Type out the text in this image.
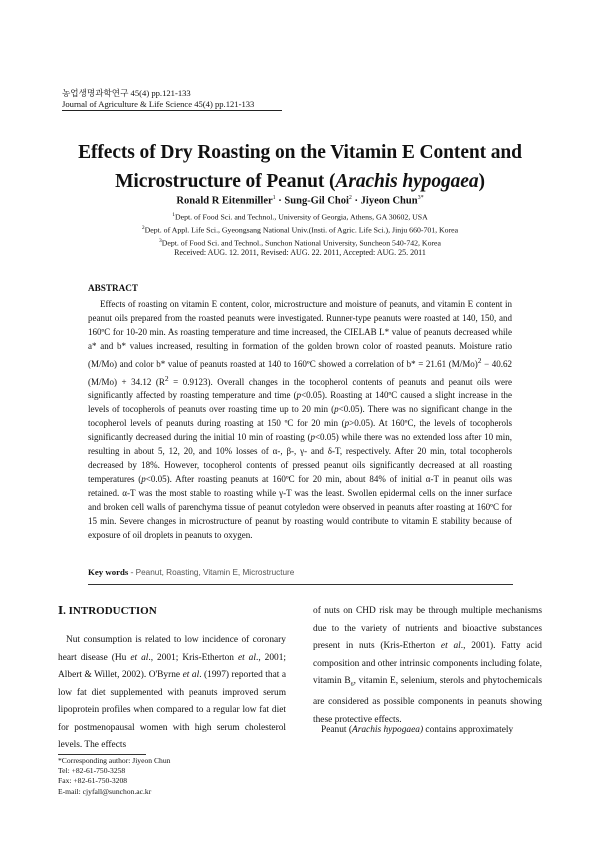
농업생명과학연구 45(4) pp.121-133
Journal of Agriculture & Life Science 45(4) pp.121-133
Effects of Dry Roasting on the Vitamin E Content and
Microstructure of Peanut (Arachis hypogaea)
Ronald R Eitenmiller$^1$ · Sung-Gil Choi$^2$ · Jiyeon Chun$^{3*}$
$^1$Dept. of Food Sci. and Technol., University of Georgia, Athens, GA 30602, USA
$^2$Dept. of Appl. Life Sci., Gyeongsang National Univ.(Insti. of Agric. Life Sci.), Jinju 660-701, Korea
$^3$Dept. of Food Sci. and Technol., Sunchon National University, Suncheon 540-742, Korea
Received: AUG. 12. 2011, Revised: AUG. 22. 2011, Accepted: AUG. 25. 2011
ABSTRACT

Effects of roasting on vitamin E content, color, microstructure and moisture of peanuts, and vitamin E content in peanut oils prepared from the roasted peanuts were investigated. Runner-type peanuts were roasted at 140, 150, and 160ºC for 10-20 min. As roasting temperature and time increased, the CIELAB L* value of peanuts decreased while a* and b* values increased, resulting in formation of the golden brown color of roasted peanuts. Moisture ratio (M/Mo) and color b* value of peanuts roasted at 140 to 160ºC showed a correlation of b* = 21.61 $(M/Mo)^2 - 40.62$ (M/Mo) + 34.12 $(R^2 = 0.9123)$. Overall changes in the tocopherol contents of peanuts and peanut oils were significantly affected by roasting temperature and time (p<0.05). Roasting at 140ºC caused a slight increase in the levels of tocopherols of peanuts over roasting time up to 20 min (p<0.05). There was no significant change in the tocopherol levels of peanuts during roasting at 150 ºC for 20 min (p>0.05). At 160ºC, the levels of tocopherols significantly decreased during the initial 10 min of roasting (p<0.05) while there was no extended loss after 10 min, resulting in about 5, 12, 20, and 10% losses of α-, β-, γ- and δ-T, respectively. After 20 min, total tocopherols decreased by 18%. However, tocopherol contents of pressed peanut oils significantly decreased at all roasting temperatures (p<0.05). After roasting peanuts at 160ºC for 20 min, about 84% of initial α-T in peanut oils was retained. α-T was the most stable to roasting while γ-T was the least. Swollen epidermal cells on the inner surface and broken cell walls of parenchyma tissue of peanut cotyledon were observed in peanuts after roasting at 160ºC for 15 min. Severe changes in microstructure of peanut by roasting would contribute to vitamin E stability because of exposure of oil droplets in peanuts to oxygen.

Key words - Peanut, Roasting, Vitamin E, Microstructure
Ⅰ. INTRODUCTION

Nut consumption is related to low incidence of coronary heart disease (Hu et al., 2001; Kris-Etherton et al., 2001; Albert & Willet, 2002). O'Byrne et al. (1997) reported that a low fat diet supplemented with peanuts improved serum lipoprotein profiles when compared to a regular low fat diet for postmenopausal women with high serum cholesterol levels. The effects

of nuts on CHD risk may be through multiple mechanisms due to the variety of nutrients and bioactive substances present in nuts (Kris-Etherton et al., 2001). Fatty acid composition and other intrinsic components including folate, vitamin $B_6$, vitamin E, selenium, sterols and phytochemicals are considered as possible components in peanuts showing these protective effects.

Peanut (Arachis hypogaea) contains approximately

*Corresponding author: Jiyeon Chun
Tel: +82-61-750-3258
Fax: +82-61-750-3208
E-mail: cjyfall@sunchon.ac.kr
